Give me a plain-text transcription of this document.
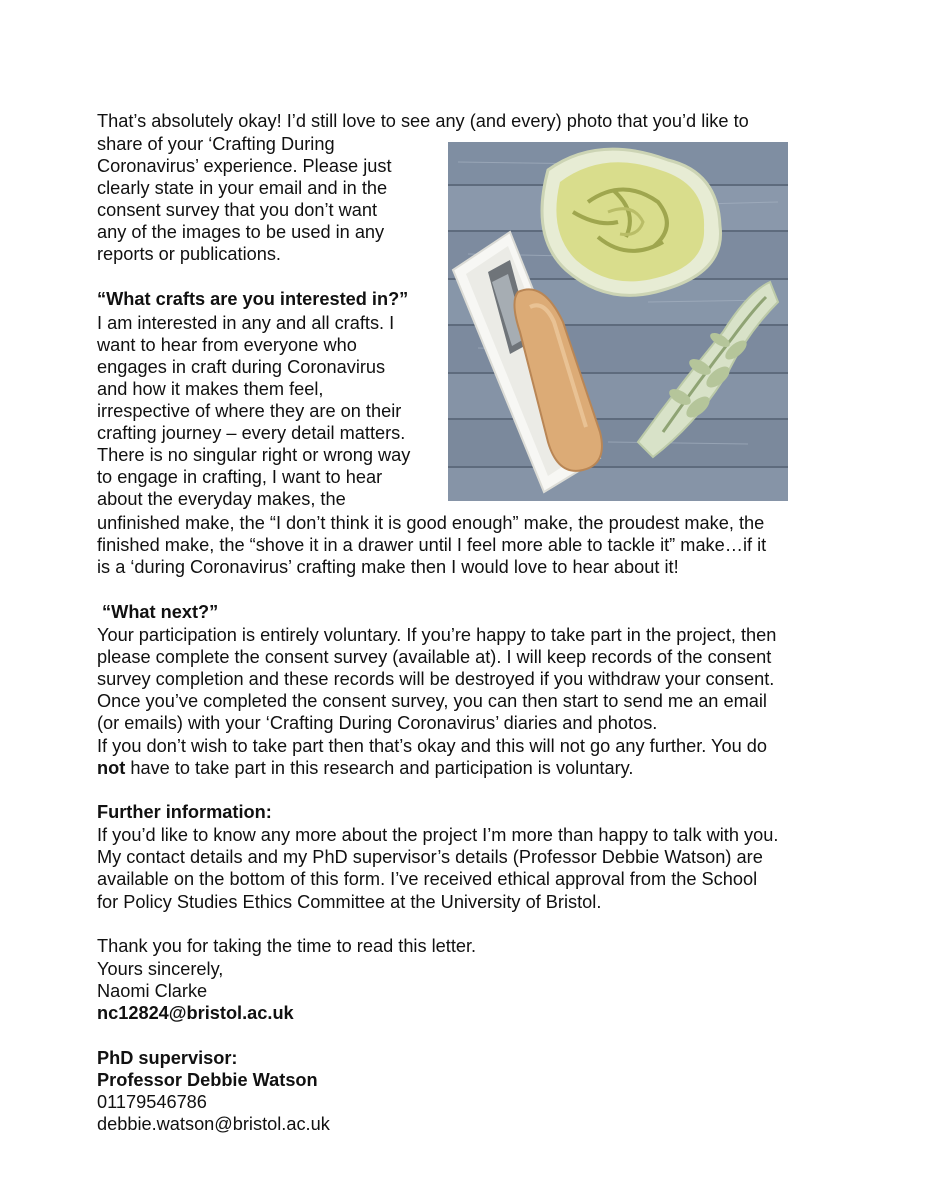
That’s absolutely okay! I’d still love to see any (and every) photo that you’d like to
share of your ‘Crafting During
Coronavirus’ experience. Please just
clearly state in your email and in the
consent survey that you don’t want
any of the images to be used in any
reports or publications.
“What crafts are you interested in?”
I am interested in any and all crafts. I
want to hear from everyone who
engages in craft during Coronavirus
and how it makes them feel,
irrespective of where they are on their
crafting journey – every detail matters.
There is no singular right or wrong way
to engage in crafting, I want to hear
about the everyday makes, the
unfinished make, the “I don’t think it is good enough” make, the proudest make, the
finished make, the “shove it in a drawer until I feel more able to tackle it” make…if it
is a ‘during Coronavirus’ crafting make then I would love to hear about it!
“What next?”
Your participation is entirely voluntary. If you’re happy to take part in the project, then
please complete the consent survey (available at). I will keep records of the consent
survey completion and these records will be destroyed if you withdraw your consent.
Once you’ve completed the consent survey, you can then start to send me an email
(or emails) with your ‘Crafting During Coronavirus’ diaries and photos.
If you don’t wish to take part then that’s okay and this will not go any further. You do
not have to take part in this research and participation is voluntary.
Further information:
If you’d like to know any more about the project I’m more than happy to talk with you.
My contact details and my PhD supervisor’s details (Professor Debbie Watson) are
available on the bottom of this form. I’ve received ethical approval from the School
for Policy Studies Ethics Committee at the University of Bristol.
Thank you for taking the time to read this letter.
Yours sincerely,
Naomi Clarke
nc12824@bristol.ac.uk
PhD supervisor:
Professor Debbie Watson
01179546786
debbie.watson@bristol.ac.uk
